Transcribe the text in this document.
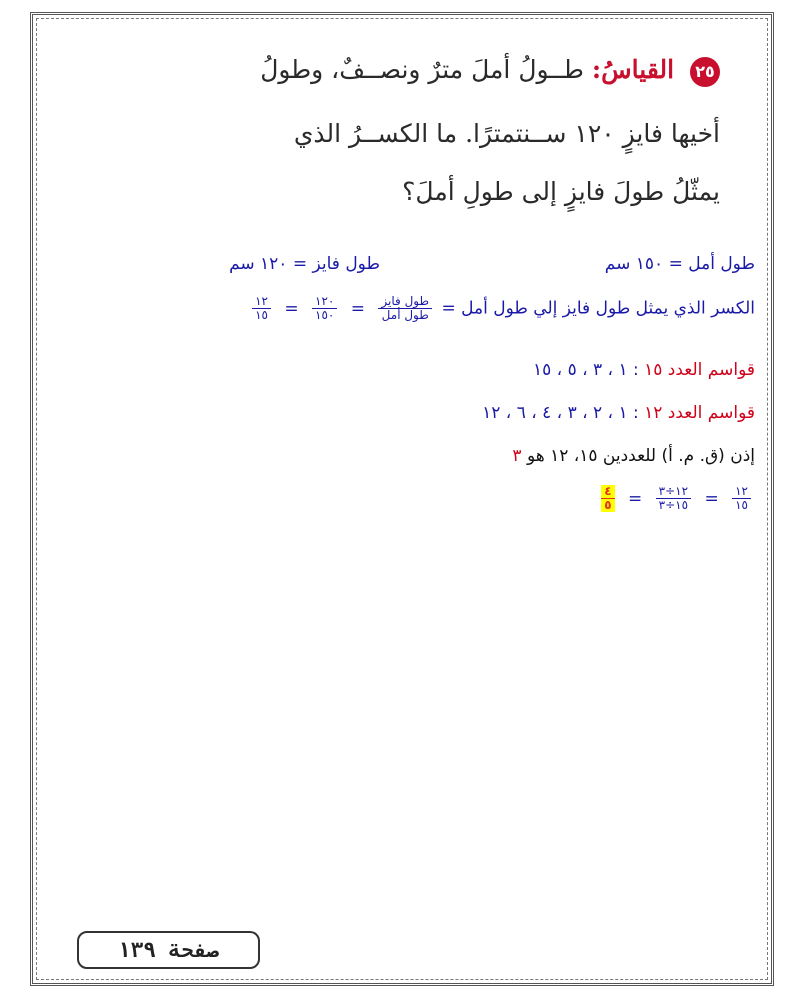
٢٥ القياسُ: طــولُ أملَ مترٌ ونصــفٌ، وطولُ
أخيها فايزٍ ١٢٠ ســنتمترًا. ما الكســرُ الذي
يمثّلُ طولَ فايزٍ إلى طولِ أملَ؟
طول أمل = ١٥٠ سم
طول فايز = ١٢٠ سم
الكسر الذي يمثل طول فايز إلي طول أمل =
$\frac{\text{طول فايز}}{\text{طول أمل}}$
=
$\frac{١٢٠}{١٥٠}$
=
$\frac{١٢}{١٥}$
قواسم العدد ١٥ : ١ ، ٣ ، ٥ ، ١٥
قواسم العدد ١٢ : ١ ، ٢ ، ٣ ، ٤ ، ٦ ، ١٢
إذن (ق. م. أ) للعددين ١٥، ١٢ هو ٣
$\frac{١٢}{١٥}$
=
$\frac{١٢\div ٣}{١٥\div ٣}$
=
$\frac{٤}{٥}$
صفحة ١٣٩
